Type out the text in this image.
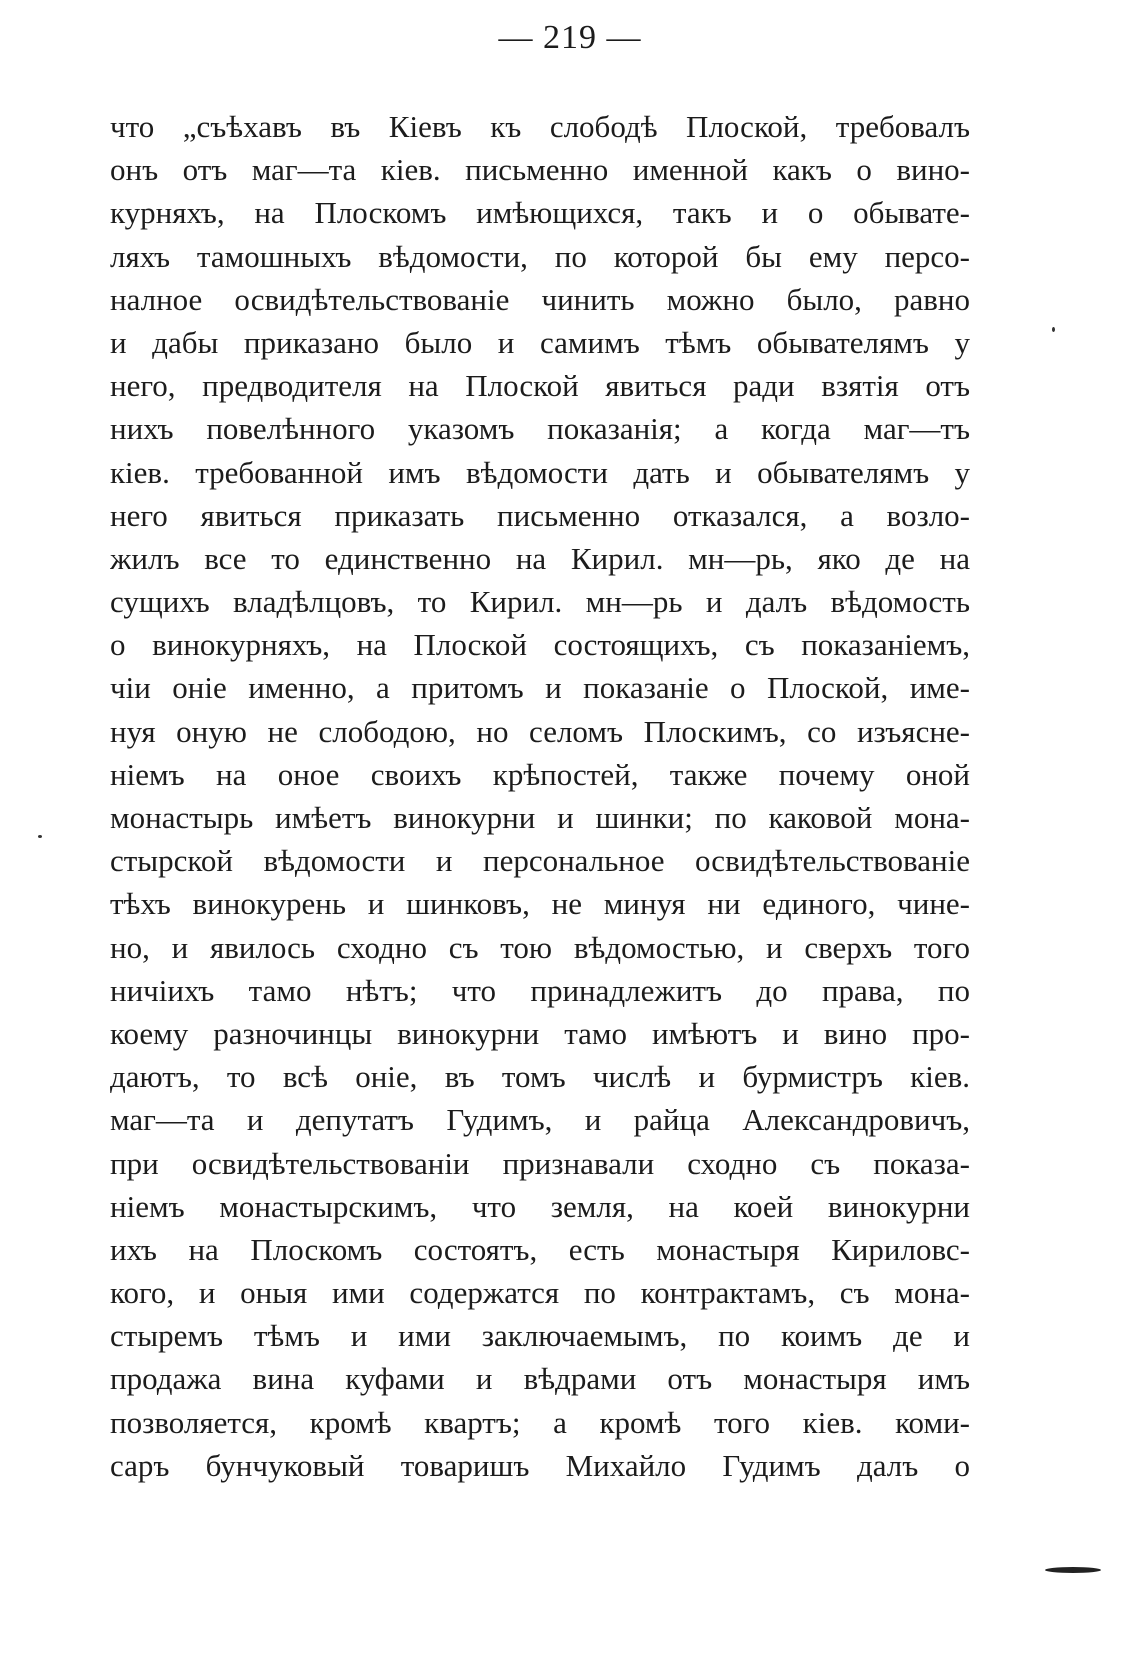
— 219 —
что „съѣхавъ въ Кіевъ къ слободѣ Плоской, требовалъ
онъ отъ маг—та кіев. письменно именной какъ о вино-
курняхъ, на Плоскомъ имѣющихся, такъ и о обывате-
ляхъ тамошныхъ вѣдомости, по которой бы ему персо-
налное освидѣтельствованіе чинить можно было, равно
и дабы приказано было и самимъ тѣмъ обывателямъ у
него, предводителя на Плоской явиться ради взятія отъ
нихъ повелѣнного указомъ показанія; а когда маг—тъ
кіев. требованной имъ вѣдомости дать и обывателямъ у
него явиться приказать письменно отказался, а возло-
жилъ все то единственно на Кирил. мн—рь, яко де на
сущихъ владѣлцовъ, то Кирил. мн—рь и далъ вѣдомость
о винокурняхъ, на Плоской состоящихъ, съ показаніемъ,
чіи оніе именно, а притомъ и показаніе о Плоской, име-
нуя оную не слободою, но селомъ Плоскимъ, со изъясне-
ніемъ на оное своихъ крѣпостей, также почему оной
монастырь имѣетъ винокурни и шинки; по каковой мона-
стырской вѣдомости и персональное освидѣтельствованіе
тѣхъ винокурень и шинковъ, не минуя ни единого, чине-
но, и явилось сходно съ тою вѣдомостью, и сверхъ того
ничіихъ тамо нѣтъ; что принадлежитъ до права, по
коему разночинцы винокурни тамо имѣютъ и вино про-
даютъ, то всѣ оніе, въ томъ числѣ и бурмистръ кіев.
маг—та и депутатъ Гудимъ, и райца Александровичъ,
при освидѣтельствованіи признавали сходно съ показа-
ніемъ монастырскимъ, что земля, на коей винокурни
ихъ на Плоскомъ состоятъ, есть монастыря Кириловс-
кого, и оныя ими содержатся по контрактамъ, съ мона-
стыремъ тѣмъ и ими заключаемымъ, по коимъ де и
продажа вина куфами и вѣдрами отъ монастыря имъ
позволяется, кромѣ квартъ; а кромѣ того кіев. коми-
саръ бунчуковый товаришъ Михайло Гудимъ далъ о
